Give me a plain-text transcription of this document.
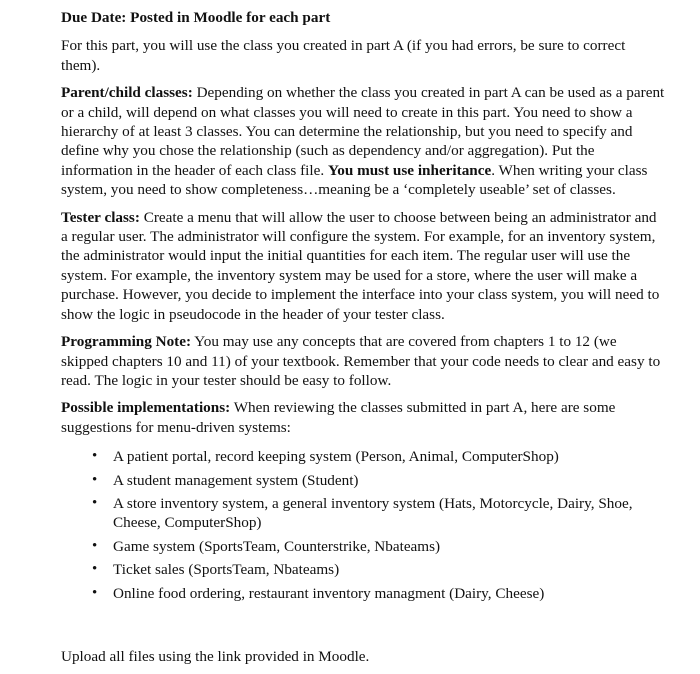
Due Date: Posted in Moodle for each part

For this part, you will use the class you created in part A (if you had errors, be sure to correct them).

Parent/child classes: Depending on whether the class you created in part A can be used as a parent or a child, will depend on what classes you will need to create in this part. You need to show a hierarchy of at least 3 classes. You can determine the relationship, but you need to specify and define why you chose the relationship (such as dependency and/or aggregation). Put the information in the header of each class file. You must use inheritance. When writing your class system, you need to show completeness…meaning be a ‘completely useable’ set of classes.

Tester class: Create a menu that will allow the user to choose between being an administrator and a regular user. The administrator will configure the system. For example, for an inventory system, the administrator would input the initial quantities for each item. The regular user will use the system. For example, the inventory system may be used for a store, where the user will make a purchase. However, you decide to implement the interface into your class system, you will need to show the logic in pseudocode in the header of your tester class.

Programming Note: You may use any concepts that are covered from chapters 1 to 12 (we skipped chapters 10 and 11) of your textbook. Remember that your code needs to clear and easy to read. The logic in your tester should be easy to follow.

Possible implementations: When reviewing the classes submitted in part A, here are some suggestions for menu-driven systems:

• A patient portal, record keeping system (Person, Animal, ComputerShop)
• A student management system (Student)
• A store inventory system, a general inventory system (Hats, Motorcycle, Dairy, Shoe, Cheese, ComputerShop)
• Game system (SportsTeam, Counterstrike, Nbateams)
• Ticket sales (SportsTeam, Nbateams)
• Online food ordering, restaurant inventory managment (Dairy, Cheese)

Upload all files using the link provided in Moodle.
